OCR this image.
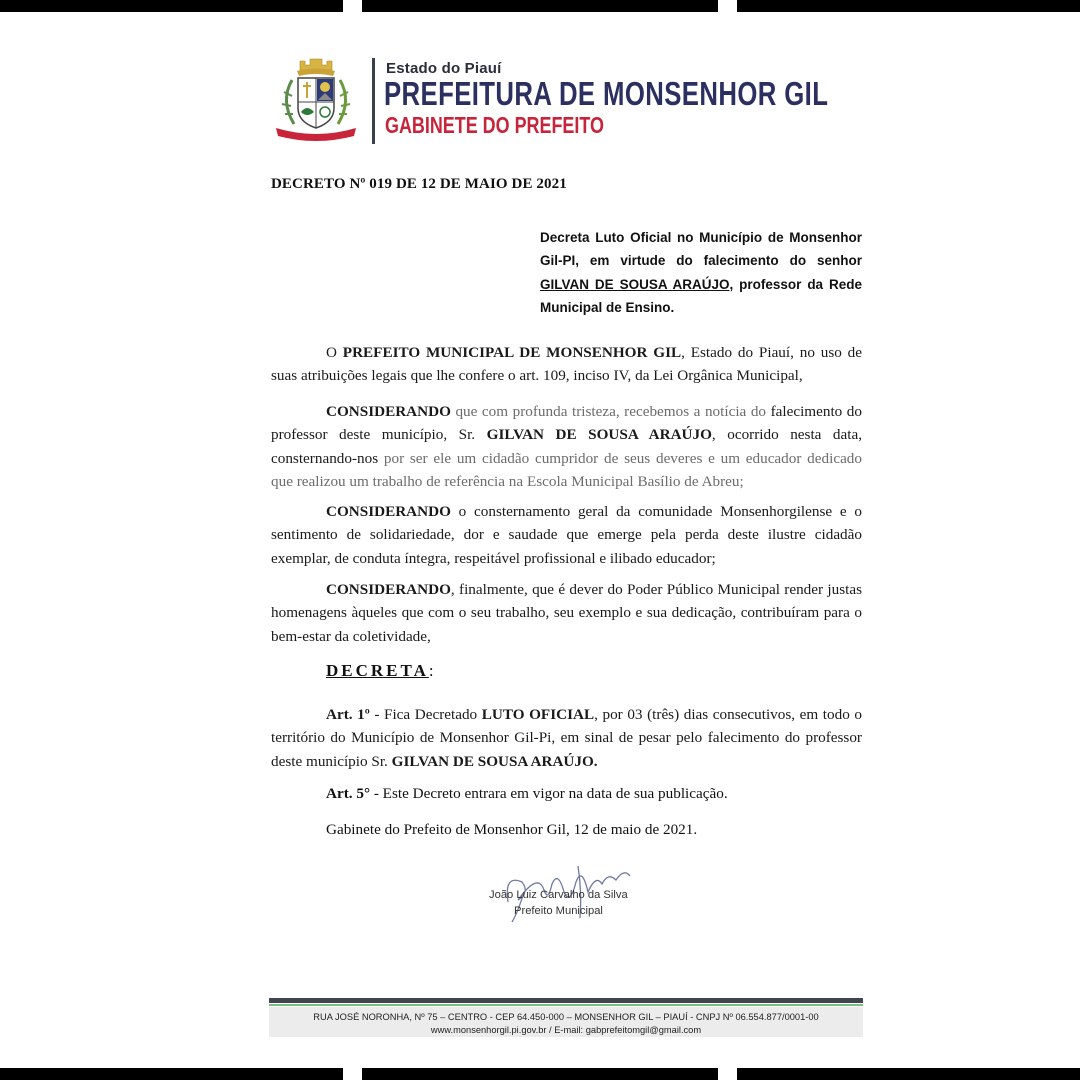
Estado do Piauí
PREFEITURA DE MONSENHOR GIL
GABINETE DO PREFEITO
DECRETO Nº 019 DE 12 DE MAIO DE 2021
Decreta Luto Oficial no Município de Monsenhor Gil-PI, em virtude do falecimento do senhor GILVAN DE SOUSA ARAÚJO, professor da Rede Municipal de Ensino.
O PREFEITO MUNICIPAL DE MONSENHOR GIL, Estado do Piauí, no uso de suas atribuições legais que lhe confere o art. 109, inciso IV, da Lei Orgânica Municipal,
CONSIDERANDO que com profunda tristeza, recebemos a notícia do falecimento do professor deste município, Sr. GILVAN DE SOUSA ARAÚJO, ocorrido nesta data, consternando-nos por ser ele um cidadão cumpridor de seus deveres e um educador dedicado que realizou um trabalho de referência na Escola Municipal Basílio de Abreu;
CONSIDERANDO o consternamento geral da comunidade Monsenhorgilense e o sentimento de solidariedade, dor e saudade que emerge pela perda deste ilustre cidadão exemplar, de conduta íntegra, respeitável profissional e ilibado educador;
CONSIDERANDO, finalmente, que é dever do Poder Público Municipal render justas homenagens àqueles que com o seu trabalho, seu exemplo e sua dedicação, contribuíram para o bem-estar da coletividade,
DECRETA:
Art. 1º - Fica Decretado LUTO OFICIAL, por 03 (três) dias consecutivos, em todo o território do Município de Monsenhor Gil-Pi, em sinal de pesar pelo falecimento do professor deste município Sr. GILVAN DE SOUSA ARAÚJO.
Art. 5° - Este Decreto entrara em vigor na data de sua publicação.
Gabinete do Prefeito de Monsenhor Gil, 12 de maio de 2021.
João Luiz Carvalho da Silva
Prefeito Municipal
RUA JOSÉ NORONHA, Nº 75 – CENTRO - CEP 64.450-000 – MONSENHOR GIL – PIAUÍ - CNPJ Nº 06.554.877/0001-00
www.monsenhorgil.pi.gov.br / E-mail: gabprefeitomgil@gmail.com
